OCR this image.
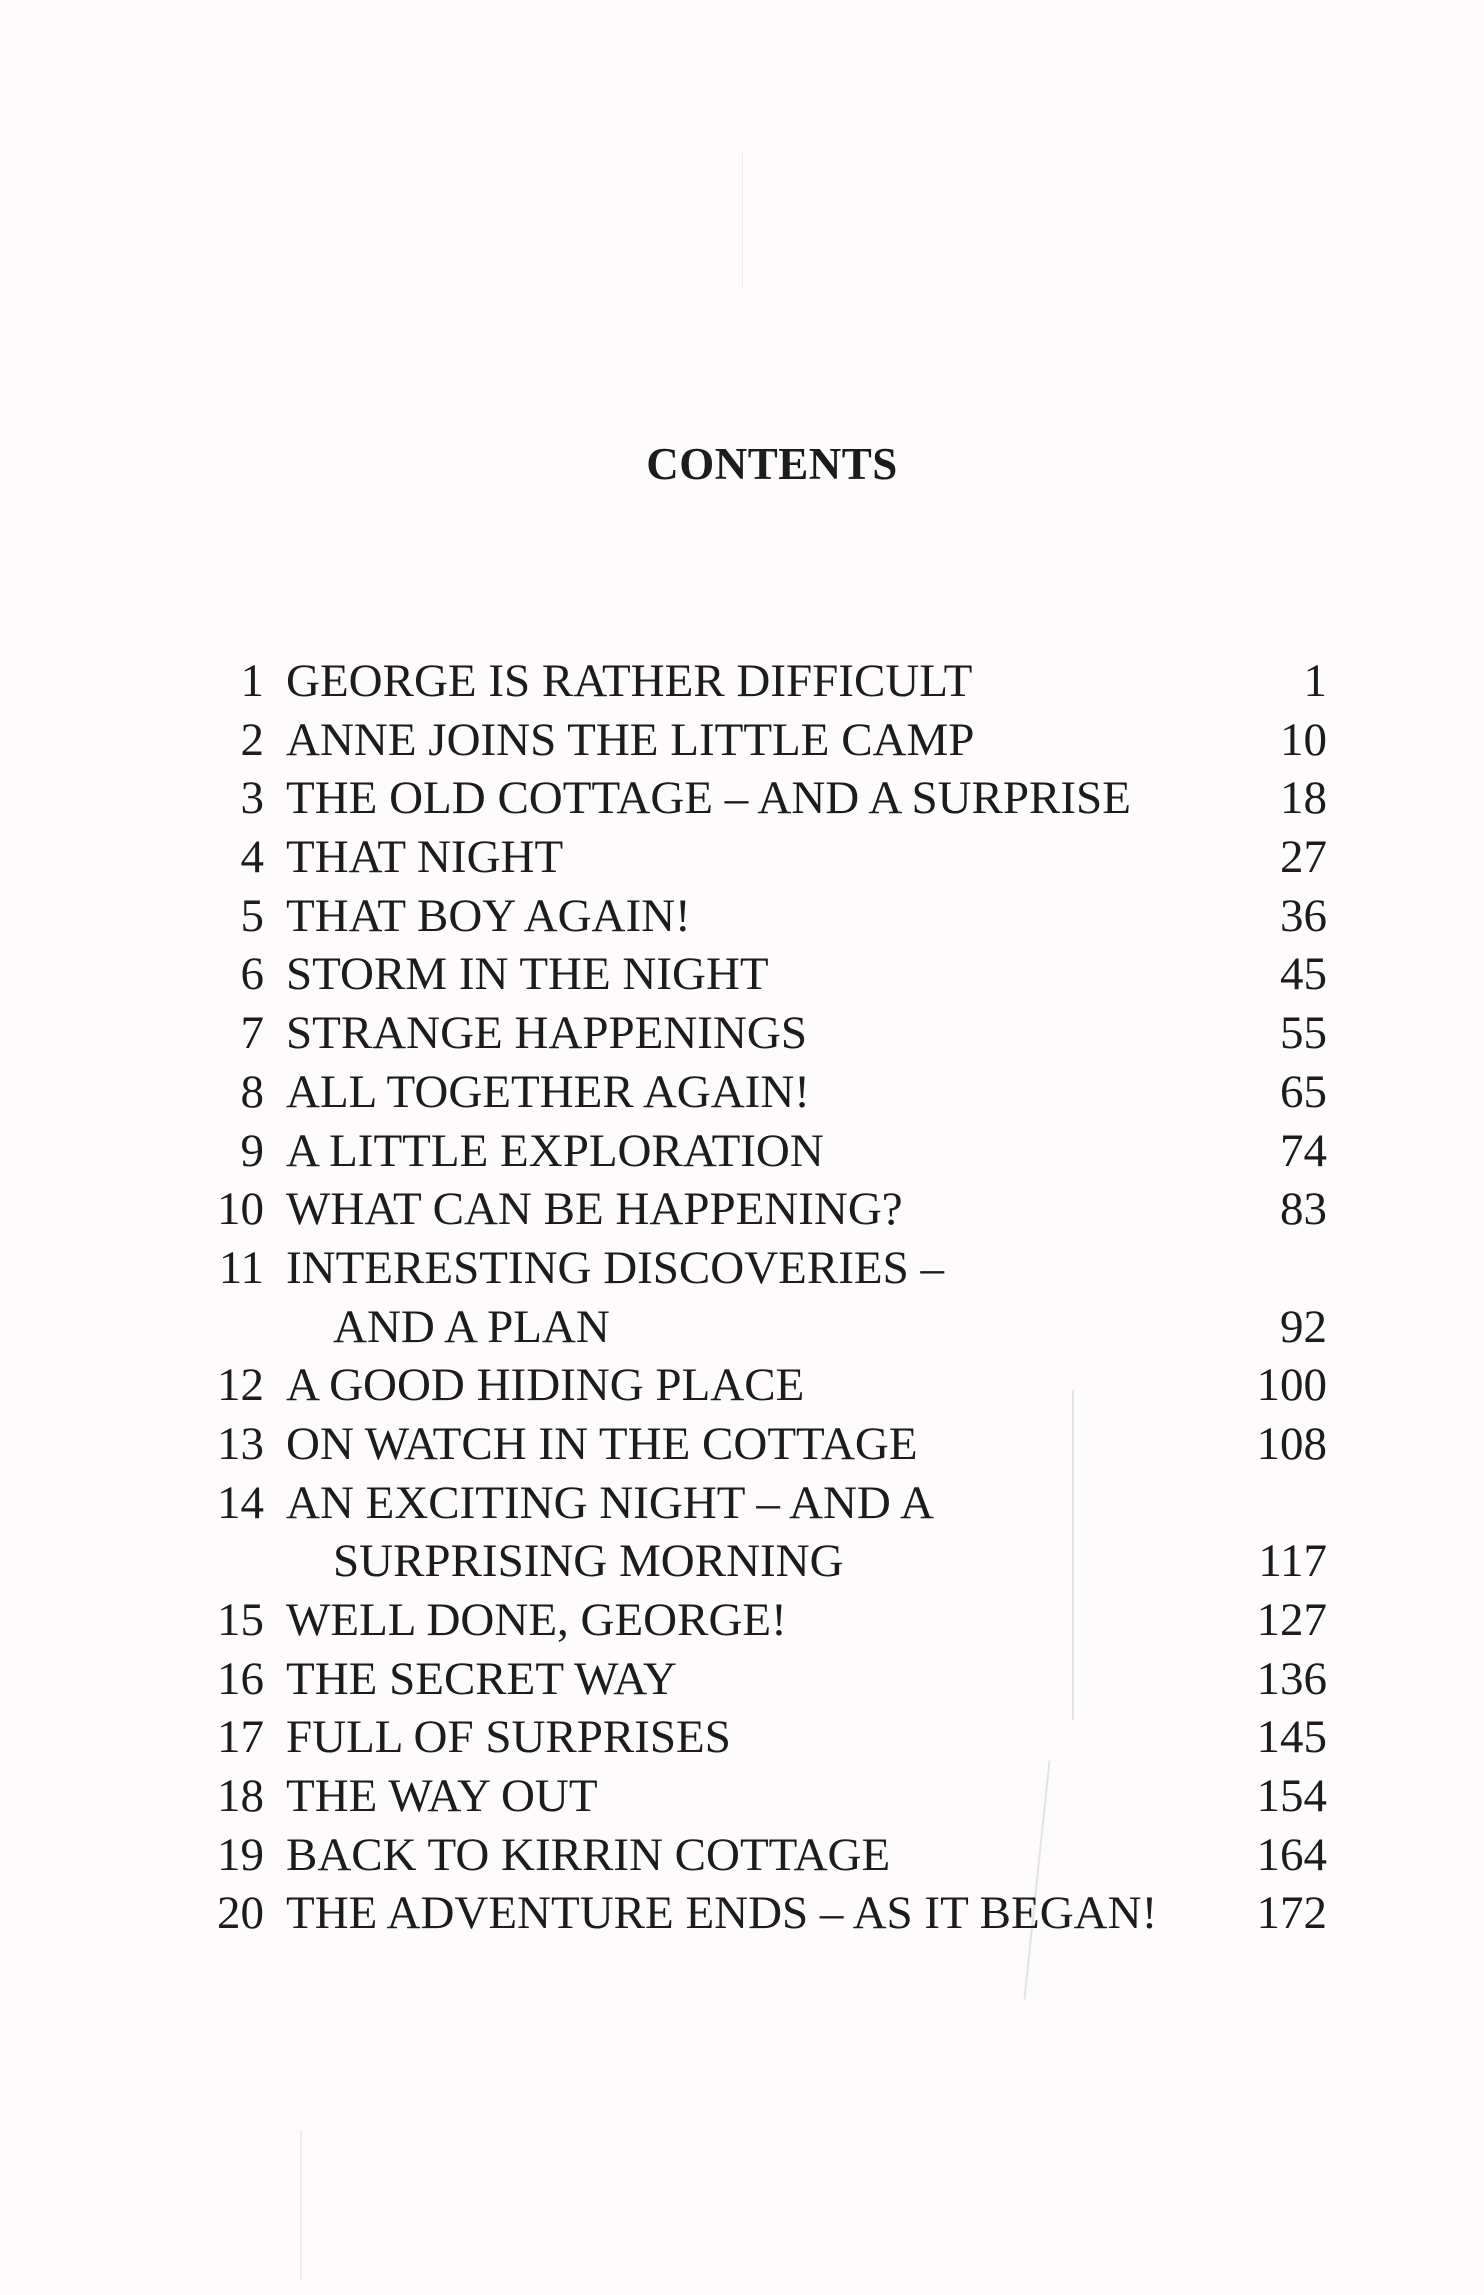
CONTENTS
1 GEORGE IS RATHER DIFFICULT	1
2 ANNE JOINS THE LITTLE CAMP	10
3 THE OLD COTTAGE – AND A SURPRISE	18
4 THAT NIGHT	27
5 THAT BOY AGAIN!	36
6 STORM IN THE NIGHT	45
7 STRANGE HAPPENINGS	55
8 ALL TOGETHER AGAIN!	65
9 A LITTLE EXPLORATION	74
10 WHAT CAN BE HAPPENING?	83
11 INTERESTING DISCOVERIES –
AND A PLAN	92
12 A GOOD HIDING PLACE	100
13 ON WATCH IN THE COTTAGE	108
14 AN EXCITING NIGHT – AND A
SURPRISING MORNING	117
15 WELL DONE, GEORGE!	127
16 THE SECRET WAY	136
17 FULL OF SURPRISES	145
18 THE WAY OUT	154
19 BACK TO KIRRIN COTTAGE	164
20 THE ADVENTURE ENDS – AS IT BEGAN! 172
